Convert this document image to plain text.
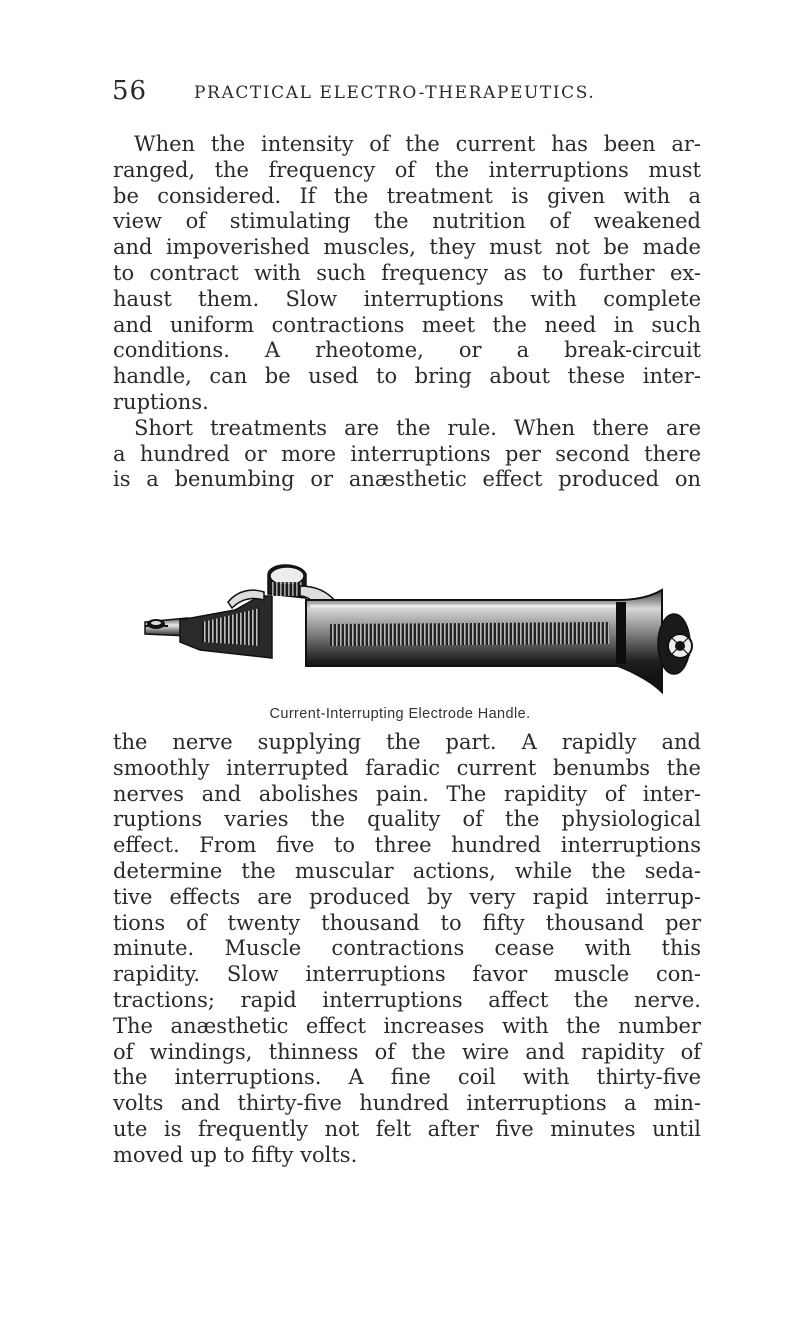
56	PRACTICAL ELECTRO-THERAPEUTICS.
When the intensity of the current has been ar-
ranged, the frequency of the interruptions must
be considered. If the treatment is given with a
view of stimulating the nutrition of weakened
and impoverished muscles, they must not be made
to contract with such frequency as to further ex-
haust them. Slow interruptions with complete
and uniform contractions meet the need in such
conditions. A rheotome, or a break-circuit
handle, can be used to bring about these inter-
ruptions.
Short treatments are the rule. When there are
a hundred or more interruptions per second there
is a benumbing or anæsthetic effect produced on
Current-Interrupting Electrode Handle.
the nerve supplying the part. A rapidly and
smoothly interrupted faradic current benumbs the
nerves and abolishes pain. The rapidity of inter-
ruptions varies the quality of the physiological
effect. From five to three hundred interruptions
determine the muscular actions, while the seda-
tive effects are produced by very rapid interrup-
tions of twenty thousand to fifty thousand per
minute. Muscle contractions cease with this
rapidity. Slow interruptions favor muscle con-
tractions; rapid interruptions affect the nerve.
The anæsthetic effect increases with the number
of windings, thinness of the wire and rapidity of
the interruptions. A fine coil with thirty-five
volts and thirty-five hundred interruptions a min-
ute is frequently not felt after five minutes until
moved up to fifty volts.
